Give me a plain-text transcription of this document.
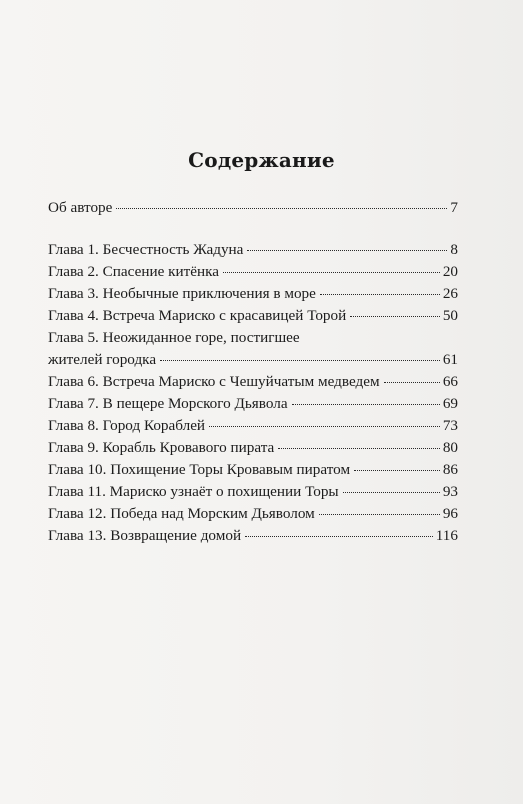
Содержание
Об авторе	7
Глава 1. Бесчестность Жадуна	8
Глава 2. Спасение китёнка	20
Глава 3. Необычные приключения в море	26
Глава 4. Встреча Мариско с красавицей Торой	50
Глава 5. Неожиданное горе, постигшее
жителей городка	61
Глава 6. Встреча Мариско с Чешуйчатым медведем	66
Глава 7. В пещере Морского Дьявола	69
Глава 8. Город Кораблей	73
Глава 9. Корабль Кровавого пирата	80
Глава 10. Похищение Торы Кровавым пиратом	86
Глава 11. Мариско узнаёт о похищении Торы	93
Глава 12. Победа над Морским Дьяволом	96
Глава 13. Возвращение домой	116
